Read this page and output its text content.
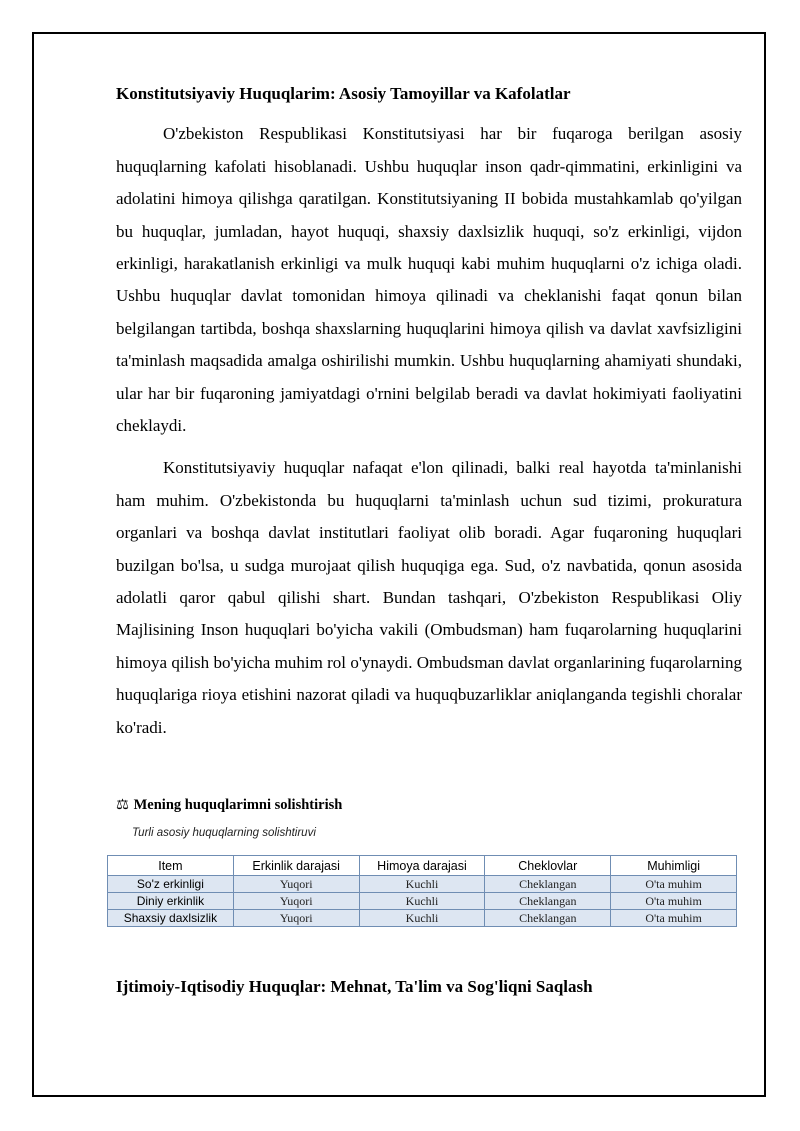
Konstitutsiyaviy Huquqlarim: Asosiy Tamoyillar va Kafolatlar

O'zbekiston Respublikasi Konstitutsiyasi har bir fuqaroga berilgan asosiy huquqlarning kafolati hisoblanadi. Ushbu huquqlar inson qadr-qimmatini, erkinligini va adolatini himoya qilishga qaratilgan. Konstitutsiyaning II bobida mustahkamlab qo'yilgan bu huquqlar, jumladan, hayot huquqi, shaxsiy daxlsizlik huquqi, so'z erkinligi, vijdon erkinligi, harakatlanish erkinligi va mulk huquqi kabi muhim huquqlarni o'z ichiga oladi. Ushbu huquqlar davlat tomonidan himoya qilinadi va cheklanishi faqat qonun bilan belgilangan tartibda, boshqa shaxslarning huquqlarini himoya qilish va davlat xavfsizligini ta'minlash maqsadida amalga oshirilishi mumkin. Ushbu huquqlarning ahamiyati shundaki, ular har bir fuqaroning jamiyatdagi o'rnini belgilab beradi va davlat hokimiyati faoliyatini cheklaydi.

Konstitutsiyaviy huquqlar nafaqat e'lon qilinadi, balki real hayotda ta'minlanishi ham muhim. O'zbekistonda bu huquqlarni ta'minlash uchun sud tizimi, prokuratura organlari va boshqa davlat institutlari faoliyat olib boradi. Agar fuqaroning huquqlari buzilgan bo'lsa, u sudga murojaat qilish huquqiga ega. Sud, o'z navbatida, qonun asosida adolatli qaror qabul qilishi shart. Bundan tashqari, O'zbekiston Respublikasi Oliy Majlisining Inson huquqlari bo'yicha vakili (Ombudsman) ham fuqarolarning huquqlarini himoya qilish bo'yicha muhim rol o'ynaydi. Ombudsman davlat organlarining fuqarolarning huquqlariga rioya etishini nazorat qiladi va huquqbuzarliklar aniqlanganda tegishli choralar ko'radi.

⚖ Mening huquqlarimni solishtirish
Turli asosiy huquqlarning solishtiruvi
Item	Erkinlik darajasi	Himoya darajasi	Cheklovlar	Muhimligi
So'z erkinligi	Yuqori	Kuchli	Cheklangan	O'ta muhim
Diniy erkinlik	Yuqori	Kuchli	Cheklangan	O'ta muhim
Shaxsiy daxlsizlik	Yuqori	Kuchli	Cheklangan	O'ta muhim
Ijtimoiy-Iqtisodiy Huquqlar: Mehnat, Ta'lim va Sog'liqni Saqlash
